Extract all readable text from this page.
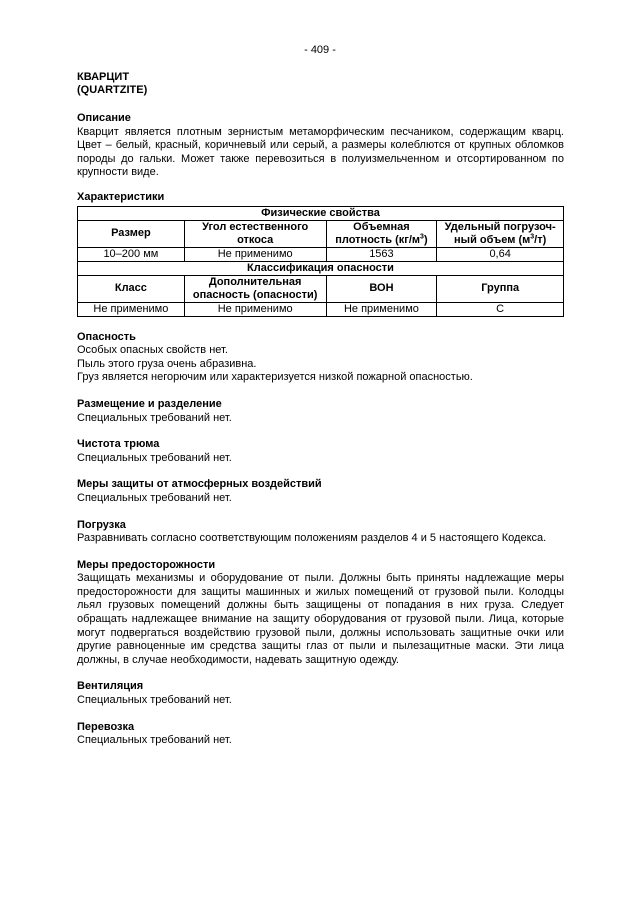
- 409 -

КВАРЦИТ

(QUARTZITE)

Описание

Кварцит является плотным зернистым метаморфическим песчаником, содержащим кварц. Цвет – белый, красный, коричневый или серый, а размеры колеблются от крупных обломков породы до гальки. Может также перевозиться в полуизмельченном и отсортированном по крупности виде.

Характеристики

Физические свойства			
Размер	Угол естественного откоса	Объемная плотность $(кг/м^3)$	Удельный погрузоч-ный объем $(м^3/т)$
10–200 мм	Не применимо	1563	0,64
Классификация опасности			
Класс	Дополнительная опасность (опасности)	ВОН	Группа
Не применимо	Не применимо	Не применимо	С

Опасность

Особых опасных свойств нет.

Пыль этого груза очень абразивна.

Груз является негорючим или характеризуется низкой пожарной опасностью.

Размещение и разделение

Специальных требований нет.

Чистота трюма

Специальных требований нет.

Меры защиты от атмосферных воздействий

Специальных требований нет.

Погрузка

Разравнивать согласно соответствующим положениям разделов 4 и 5 настоящего Кодекса.

Меры предосторожности

Защищать механизмы и оборудование от пыли. Должны быть приняты надлежащие меры предосторожности для защиты машинных и жилых помещений от грузовой пыли. Колодцы льял грузовых помещений должны быть защищены от попадания в них груза. Следует обращать надлежащее внимание на защиту оборудования от грузовой пыли. Лица, которые могут подвергаться воздействию грузовой пыли, должны использовать защитные очки или другие равноценные им средства защиты глаз от пыли и пылезащитные маски. Эти лица должны, в случае необходимости, надевать защитную одежду.

Вентиляция

Специальных требований нет.

Перевозка

Специальных требований нет.
